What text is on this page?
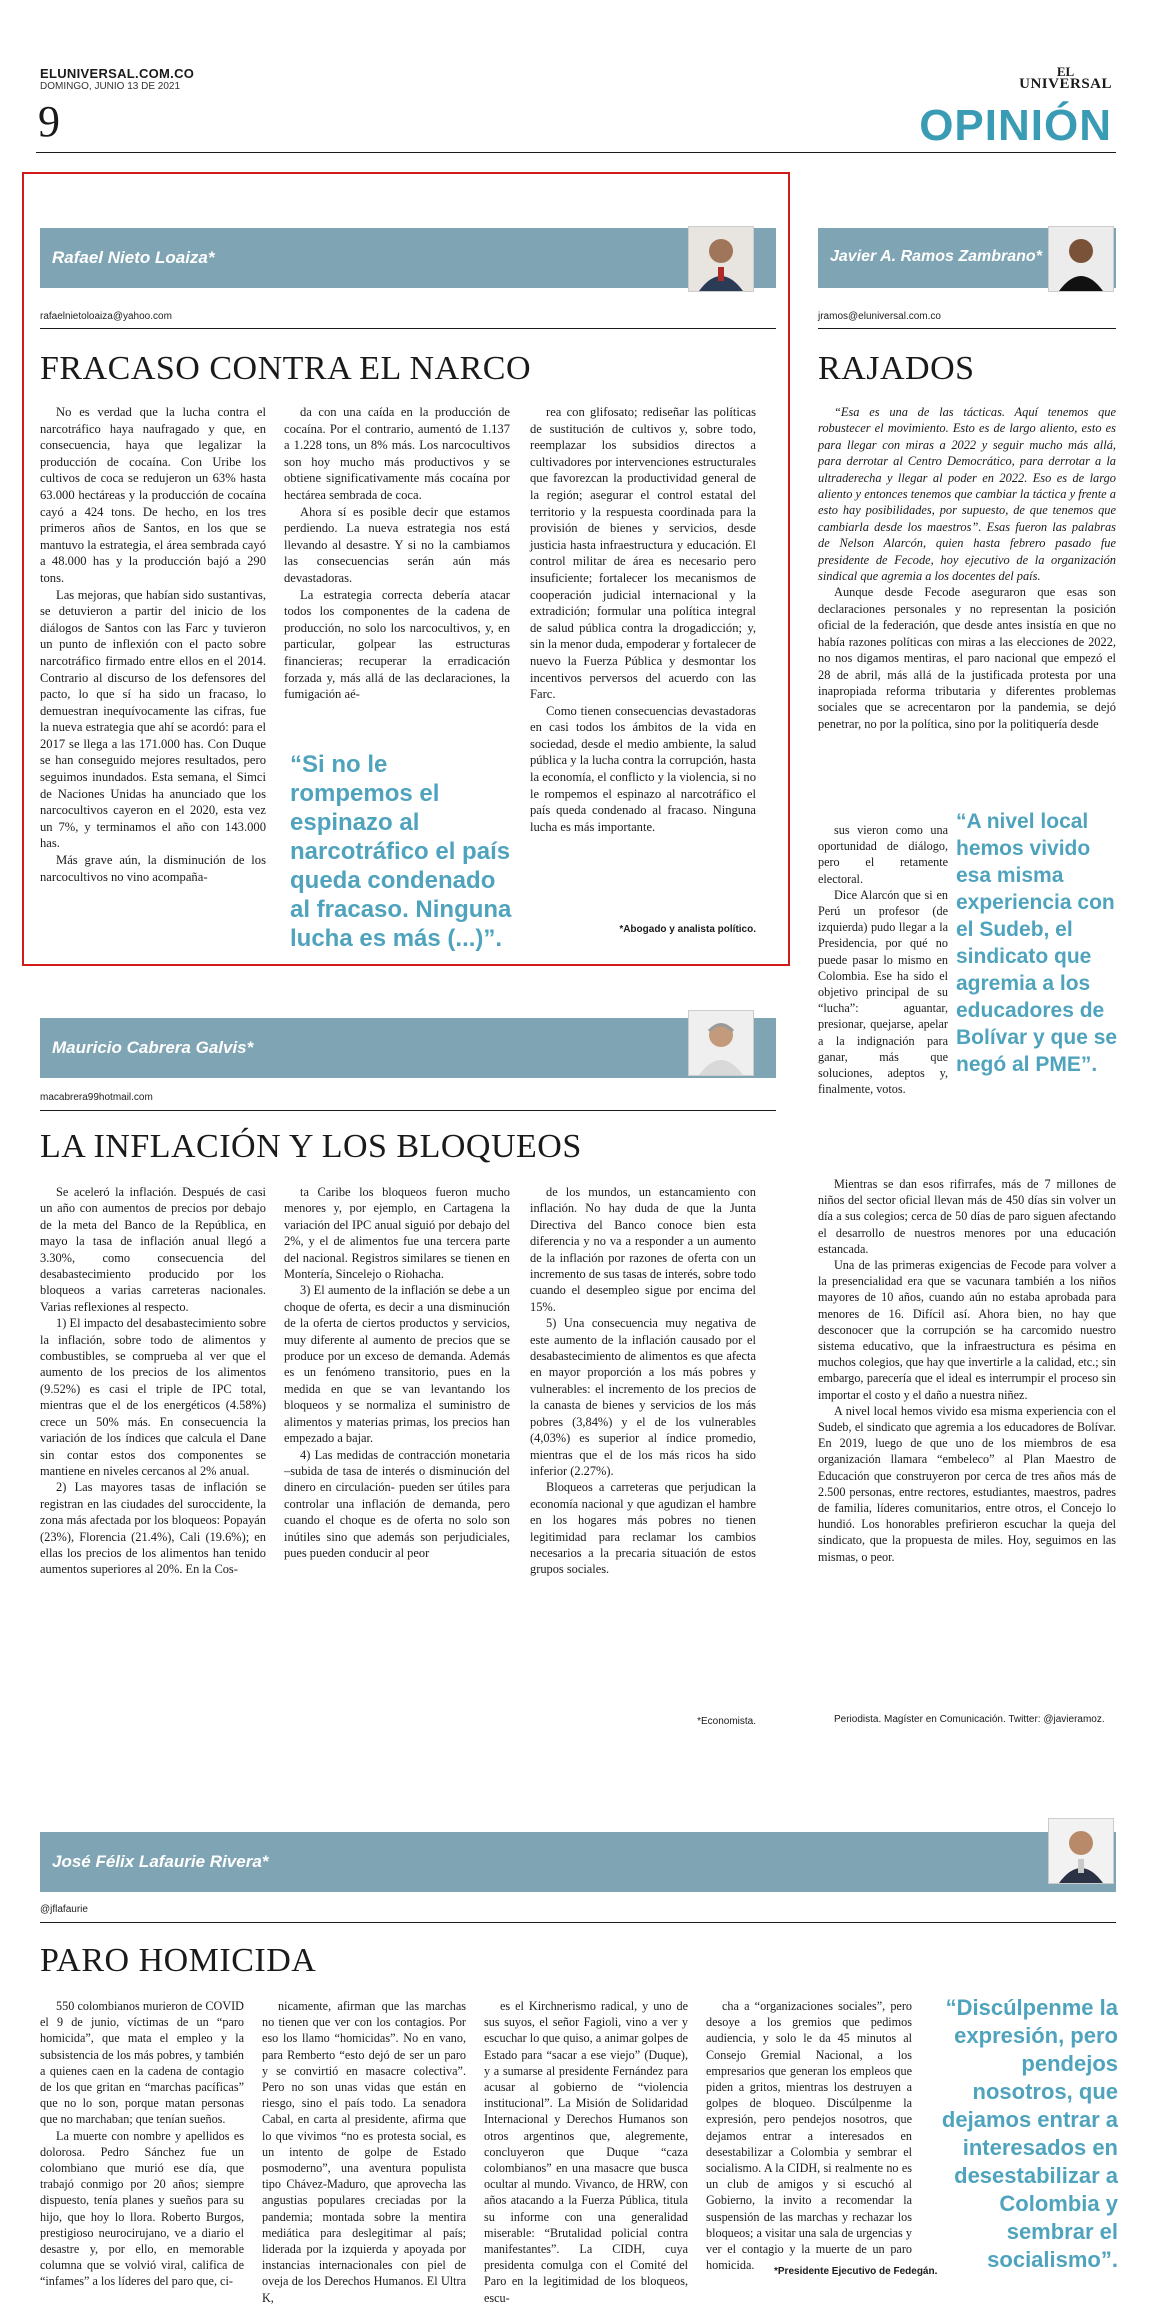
ELUNIVERSAL.COM.CO
DOMINGO, JUNIO 13 DE 2021
9
EL
UNIVERSAL
OPINIÓN
Rafael Nieto Loaiza*
rafaelnietoloaiza@yahoo.com
FRACASO CONTRA EL NARCO

No es verdad que la lucha contra el narcotráfico haya naufragado y que, en consecuencia, haya que legalizar la producción de cocaína. Con Uribe los cultivos de coca se redujeron un 63% hasta 63.000 hectáreas y la producción de cocaína cayó a 424 tons. De hecho, en los tres primeros años de Santos, en los que se mantuvo la estrategia, el área sembrada cayó a 48.000 has y la producción bajó a 290 tons.

Las mejoras, que habían sido sustantivas, se detuvieron a partir del inicio de los diálogos de Santos con las Farc y tuvieron un punto de inflexión con el pacto sobre narcotráfico firmado entre ellos en el 2014. Contrario al discurso de los defensores del pacto, lo que sí ha sido un fracaso, lo demuestran inequívocamente las cifras, fue la nueva estrategia que ahí se acordó: para el 2017 se llega a las 171.000 has. Con Duque se han conseguido mejores resultados, pero seguimos inundados. Esta semana, el Simci de Naciones Unidas ha anunciado que los narcocultivos cayeron en el 2020, esta vez un 7%, y terminamos el año con 143.000 has.

Más grave aún, la disminución de los narcocultivos no vino acompaña-

da con una caída en la producción de cocaína. Por el contrario, aumentó de 1.137 a 1.228 tons, un 8% más. Los narcocultivos son hoy mucho más productivos y se obtiene significativamente más cocaína por hectárea sembrada de coca.

Ahora sí es posible decir que estamos perdiendo. La nueva estrategia nos está llevando al desastre. Y si no la cambiamos las consecuencias serán aún más devastadoras.

La estrategia correcta debería atacar todos los componentes de la cadena de producción, no solo los narcocultivos, y, en particular, golpear las estructuras financieras; recuperar la erradicación forzada y, más allá de las declaraciones, la fumigación aé-

“Si no le rompemos el espinazo al narcotráfico el país queda condenado al fracaso. Ninguna lucha es más (...)”.

rea con glifosato; rediseñar las políticas de sustitución de cultivos y, sobre todo, reemplazar los subsidios directos a cultivadores por intervenciones estructurales que favorezcan la productividad general de la región; asegurar el control estatal del territorio y la respuesta coordinada para la provisión de bienes y servicios, desde justicia hasta infraestructura y educación. El control militar de área es necesario pero insuficiente; fortalecer los mecanismos de cooperación judicial internacional y la extradición; formular una política integral de salud pública contra la drogadicción; y, sin la menor duda, empoderar y fortalecer de nuevo la Fuerza Pública y desmontar los incentivos perversos del acuerdo con las Farc.

Como tienen consecuencias devastadoras en casi todos los ámbitos de la vida en sociedad, desde el medio ambiente, la salud pública y la lucha contra la corrupción, hasta la economía, el conflicto y la violencia, si no le rompemos el espinazo al narcotráfico el país queda condenado al fracaso. Ninguna lucha es más importante.

*Abogado y analista político.
Javier A. Ramos Zambrano*
jramos@eluniversal.com.co
RAJADOS

“Esa es una de las tácticas. Aquí tenemos que robustecer el movimiento. Esto es de largo aliento, esto es para llegar con miras a 2022 y seguir mucho más allá, para derrotar al Centro Democrático, para derrotar a la ultraderecha y llegar al poder en 2022. Eso es de largo aliento y entonces tenemos que cambiar la táctica y frente a esto hay posibilidades, por supuesto, de que tenemos que cambiarla desde los maestros”. Esas fueron las palabras de Nelson Alarcón, quien hasta febrero pasado fue presidente de Fecode, hoy ejecutivo de la organización sindical que agremia a los docentes del país.

Aunque desde Fecode aseguraron que esas son declaraciones personales y no representan la posición oficial de la federación, que desde antes insistía en que no había razones políticas con miras a las elecciones de 2022, no nos digamos mentiras, el paro nacional que empezó el 28 de abril, más allá de la justificada protesta por una inapropiada reforma tributaria y diferentes problemas sociales que se acrecentaron por la pandemia, se dejó penetrar, no por la política, sino por la politiquería desde

sus vieron como una oportunidad de diálogo, pero el retamente electoral.

Dice Alarcón que si en Perú un profesor (de izquierda) pudo llegar a la Presidencia, por qué no puede pasar lo mismo en Colombia. Ese ha sido el objetivo principal de su “lucha”: aguantar, presionar, quejarse, apelar a la indignación para ganar, más que soluciones, adeptos y, finalmente, votos.

“A nivel local hemos vivido esa misma experiencia con el Sudeb, el sindicato que agremia a los educadores de Bolívar y que se negó al PME”.

Mientras se dan esos rifirrafes, más de 7 millones de niños del sector oficial llevan más de 450 días sin volver un día a sus colegios; cerca de 50 días de paro siguen afectando el desarrollo de nuestros menores por una educación estancada.

Una de las primeras exigencias de Fecode para volver a la presencialidad era que se vacunara también a los niños mayores de 10 años, cuando aún no estaba aprobada para menores de 16. Difícil así. Ahora bien, no hay que desconocer que la corrupción se ha carcomido nuestro sistema educativo, que la infraestructura es pésima en muchos colegios, que hay que invertirle a la calidad, etc.; sin embargo, parecería que el ideal es interrumpir el proceso sin importar el costo y el daño a nuestra niñez.

A nivel local hemos vivido esa misma experiencia con el Sudeb, el sindicato que agremia a los educadores de Bolívar. En 2019, luego de que uno de los miembros de esa organización llamara “embeleco” al Plan Maestro de Educación que construyeron por cerca de tres años más de 2.500 personas, entre rectores, estudiantes, maestros, padres de familia, líderes comunitarios, entre otros, el Concejo lo hundió. Los honorables prefirieron escuchar la queja del sindicato, que la propuesta de miles. Hoy, seguimos en las mismas, o peor.

Periodista. Magíster en Comunicación. Twitter: @javieramoz.
Mauricio Cabrera Galvis*
macabrera99hotmail.com
LA INFLACIÓN Y LOS BLOQUEOS

Se aceleró la inflación. Después de casi un año con aumentos de precios por debajo de la meta del Banco de la República, en mayo la tasa de inflación anual llegó a 3.30%, como consecuencia del desabastecimiento producido por los bloqueos a varias carreteras nacionales. Varias reflexiones al respecto.

1) El impacto del desabastecimiento sobre la inflación, sobre todo de alimentos y combustibles, se comprueba al ver que el aumento de los precios de los alimentos (9.52%) es casi el triple de IPC total, mientras que el de los energéticos (4.58%) crece un 50% más. En consecuencia la variación de los índices que calcula el Dane sin contar estos dos componentes se mantiene en niveles cercanos al 2% anual.

2) Las mayores tasas de inflación se registran en las ciudades del suroccidente, la zona más afectada por los bloqueos: Popayán (23%), Florencia (21.4%), Cali (19.6%); en ellas los precios de los alimentos han tenido aumentos superiores al 20%. En la Cos-

ta Caribe los bloqueos fueron mucho menores y, por ejemplo, en Cartagena la variación del IPC anual siguió por debajo del 2%, y el de alimentos fue una tercera parte del nacional. Registros similares se tienen en Montería, Sincelejo o Riohacha.

3) El aumento de la inflación se debe a un choque de oferta, es decir a una disminución de la oferta de ciertos productos y servicios, muy diferente al aumento de precios que se produce por un exceso de demanda. Además es un fenómeno transitorio, pues en la medida en que se van levantando los bloqueos y se normaliza el suministro de alimentos y materias primas, los precios han empezado a bajar.

4) Las medidas de contracción monetaria –subida de tasa de interés o disminución del dinero en circulación- pueden ser útiles para controlar una inflación de demanda, pero cuando el choque es de oferta no solo son inútiles sino que además son perjudiciales, pues pueden conducir al peor

de los mundos, un estancamiento con inflación. No hay duda de que la Junta Directiva del Banco conoce bien esta diferencia y no va a responder a un aumento de la inflación por razones de oferta con un incremento de sus tasas de interés, sobre todo cuando el desempleo sigue por encima del 15%.

5) Una consecuencia muy negativa de este aumento de la inflación causado por el desabastecimiento de alimentos es que afecta en mayor proporción a los más pobres y vulnerables: el incremento de los precios de la canasta de bienes y servicios de los más pobres (3,84%) y el de los vulnerables (4,03%) es superior al índice promedio, mientras que el de los más ricos ha sido inferior (2.27%).

Bloqueos a carreteras que perjudican la economía nacional y que agudizan el hambre en los hogares más pobres no tienen legitimidad para reclamar los cambios necesarios a la precaria situación de estos grupos sociales.

*Economista.
José Félix Lafaurie Rivera*
@jflafaurie
PARO HOMICIDA

550 colombianos murieron de COVID el 9 de junio, víctimas de un “paro homicida”, que mata el empleo y la subsistencia de los más pobres, y también a quienes caen en la cadena de contagio de los que gritan en “marchas pacíficas” que no lo son, porque matan personas que no marchaban; que tenían sueños.

La muerte con nombre y apellidos es dolorosa. Pedro Sánchez fue un colombiano que murió ese día, que trabajó conmigo por 20 años; siempre dispuesto, tenía planes y sueños para su hijo, que hoy lo llora. Roberto Burgos, prestigioso neurocirujano, ve a diario el desastre y, por ello, en memorable columna que se volvió viral, califica de “infames” a los líderes del paro que, ci-

nicamente, afirman que las marchas no tienen que ver con los contagios. Por eso los llamo “homicidas”. No en vano, para Remberto “esto dejó de ser un paro y se convirtió en masacre colectiva”. Pero no son unas vidas que están en riesgo, sino el país todo. La senadora Cabal, en carta al presidente, afirma que lo que vivimos “no es protesta social, es un intento de golpe de Estado posmoderno”, una aventura populista tipo Chávez-Maduro, que aprovecha las angustias populares creciadas por la pandemia; montada sobre la mentira mediática para deslegitimar al país; liderada por la izquierda y apoyada por instancias internacionales con piel de oveja de los Derechos Humanos. El Ultra K,

es el Kirchnerismo radical, y uno de sus suyos, el señor Fagioli, vino a ver y escuchar lo que quiso, a animar golpes de Estado para “sacar a ese viejo” (Duque), y a sumarse al presidente Fernández para acusar al gobierno de “violencia institucional”. La Misión de Solidaridad Internacional y Derechos Humanos son otros argentinos que, alegremente, concluyeron que Duque “caza colombianos” en una masacre que busca ocultar al mundo. Vivanco, de HRW, con años atacando a la Fuerza Pública, titula su informe con una generalidad miserable: “Brutalidad policial contra manifestantes”. La CIDH, cuya presidenta comulga con el Comité del Paro en la legitimidad de los bloqueos, escu-

cha a “organizaciones sociales”, pero desoye a los gremios que pedimos audiencia, y solo le da 45 minutos al Consejo Gremial Nacional, a los empresarios que generan los empleos que piden a gritos, mientras los destruyen a golpes de bloqueo. Discúlpenme la expresión, pero pendejos nosotros, que dejamos entrar a interesados en desestabilizar a Colombia y sembrar el socialismo. A la CIDH, si realmente no es un club de amigos y si escuchó al Gobierno, la invito a recomendar la suspensión de las marchas y rechazar los bloqueos; a visitar una sala de urgencias y ver el contagio y la muerte de un paro homicida.

“Discúlpenme la expresión, pero pendejos nosotros, que dejamos entrar a interesados en desestabilizar a Colombia y sembrar el socialismo”.
*Presidente Ejecutivo de Fedegán.
